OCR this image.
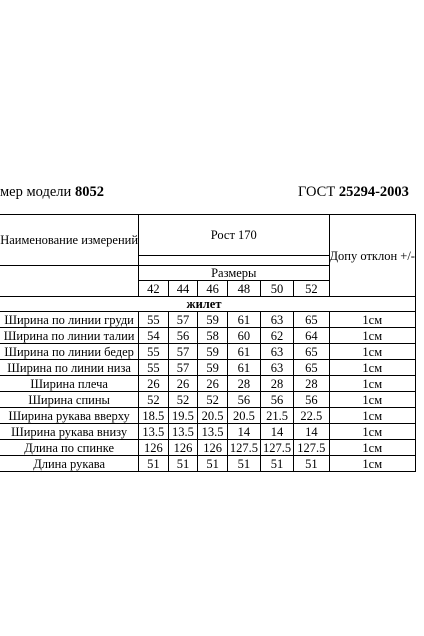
мер модели 8052	ГОСТ 25294-2003
	Наименование измерений	Рост 170						Допу отклон +/-

		Размеры						
		42	44	46	48	50	52	
жилет								
	Ширина по линии груди	55	57	59	61	63	65	1см
	Ширина по линии талии	54	56	58	60	62	64	1см
	Ширина по линии бедер	55	57	59	61	63	65	1см
	Ширина по линии низа	55	57	59	61	63	65	1см
	Ширина плеча	26	26	26	28	28	28	1см
	Ширина спины	52	52	52	56	56	56	1см
	Ширина рукава вверху	18.5	19.5	20.5	20.5	21.5	22.5	1см
	Ширина рукава внизу	13.5	13.5	13.5	14	14	14	1см
	Длина по спинке	126	126	126	127.5	127.5	127.5	1см
	Длина рукава	51	51	51	51	51	51	1см
